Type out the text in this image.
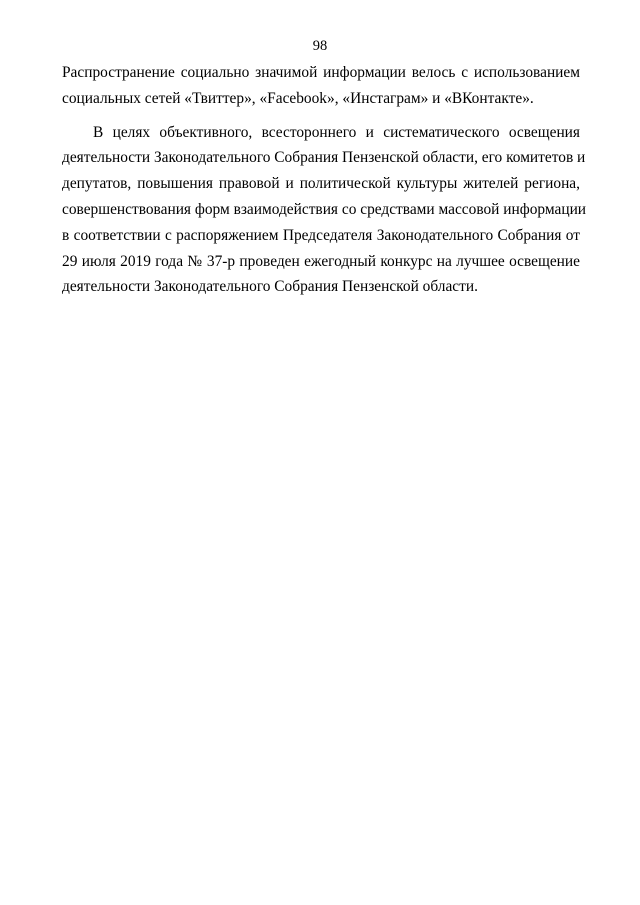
98
Распространение социально значимой информации велось с использованием
социальных сетей «Твиттер», «Facebook», «Инстаграм» и «ВКонтакте».
В целях объективного, всестороннего и систематического освещения
деятельности Законодательного Собрания Пензенской области, его комитетов и
депутатов, повышения правовой и политической культуры жителей региона,
совершенствования форм взаимодействия со средствами массовой информации
в соответствии с распоряжением Председателя Законодательного Собрания от
29 июля 2019 года № 37-р проведен ежегодный конкурс на лучшее освещение
деятельности Законодательного Собрания Пензенской области.
